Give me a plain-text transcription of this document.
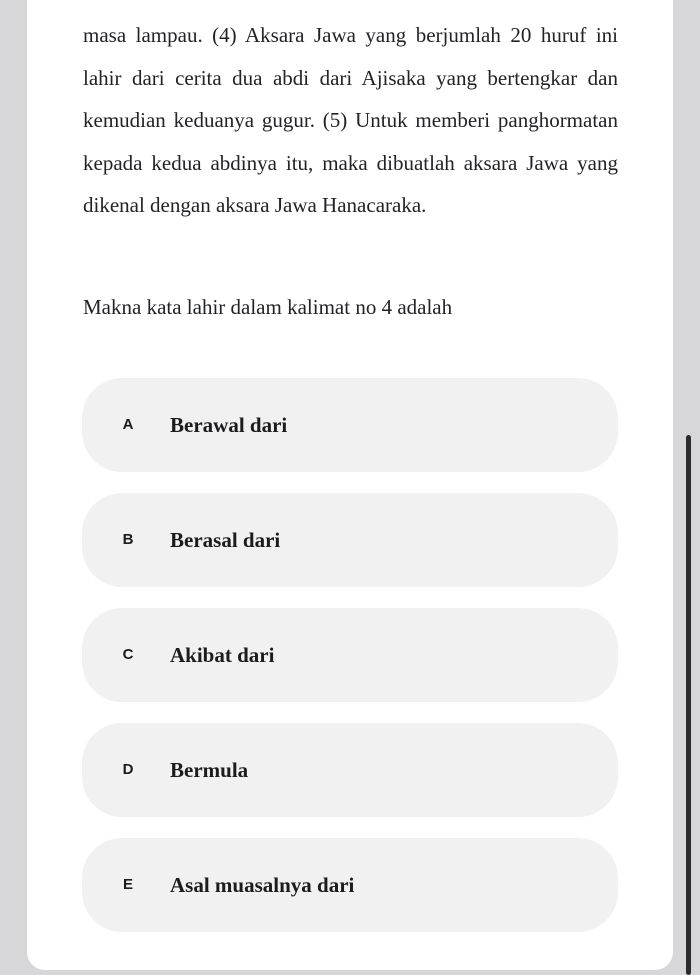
masa lampau. (4) Aksara Jawa yang berjumlah 20 huruf ini lahir dari cerita dua abdi dari Ajisaka yang bertengkar dan kemudian keduanya gugur. (5) Untuk memberi panghormatan kepada kedua abdinya itu, maka dibuatlah aksara Jawa yang dikenal dengan aksara Jawa Hanacaraka.

Makna kata lahir dalam kalimat no 4 adalah

A Berawal dari
B Berasal dari
C Akibat dari
D Bermula
E Asal muasalnya dari
